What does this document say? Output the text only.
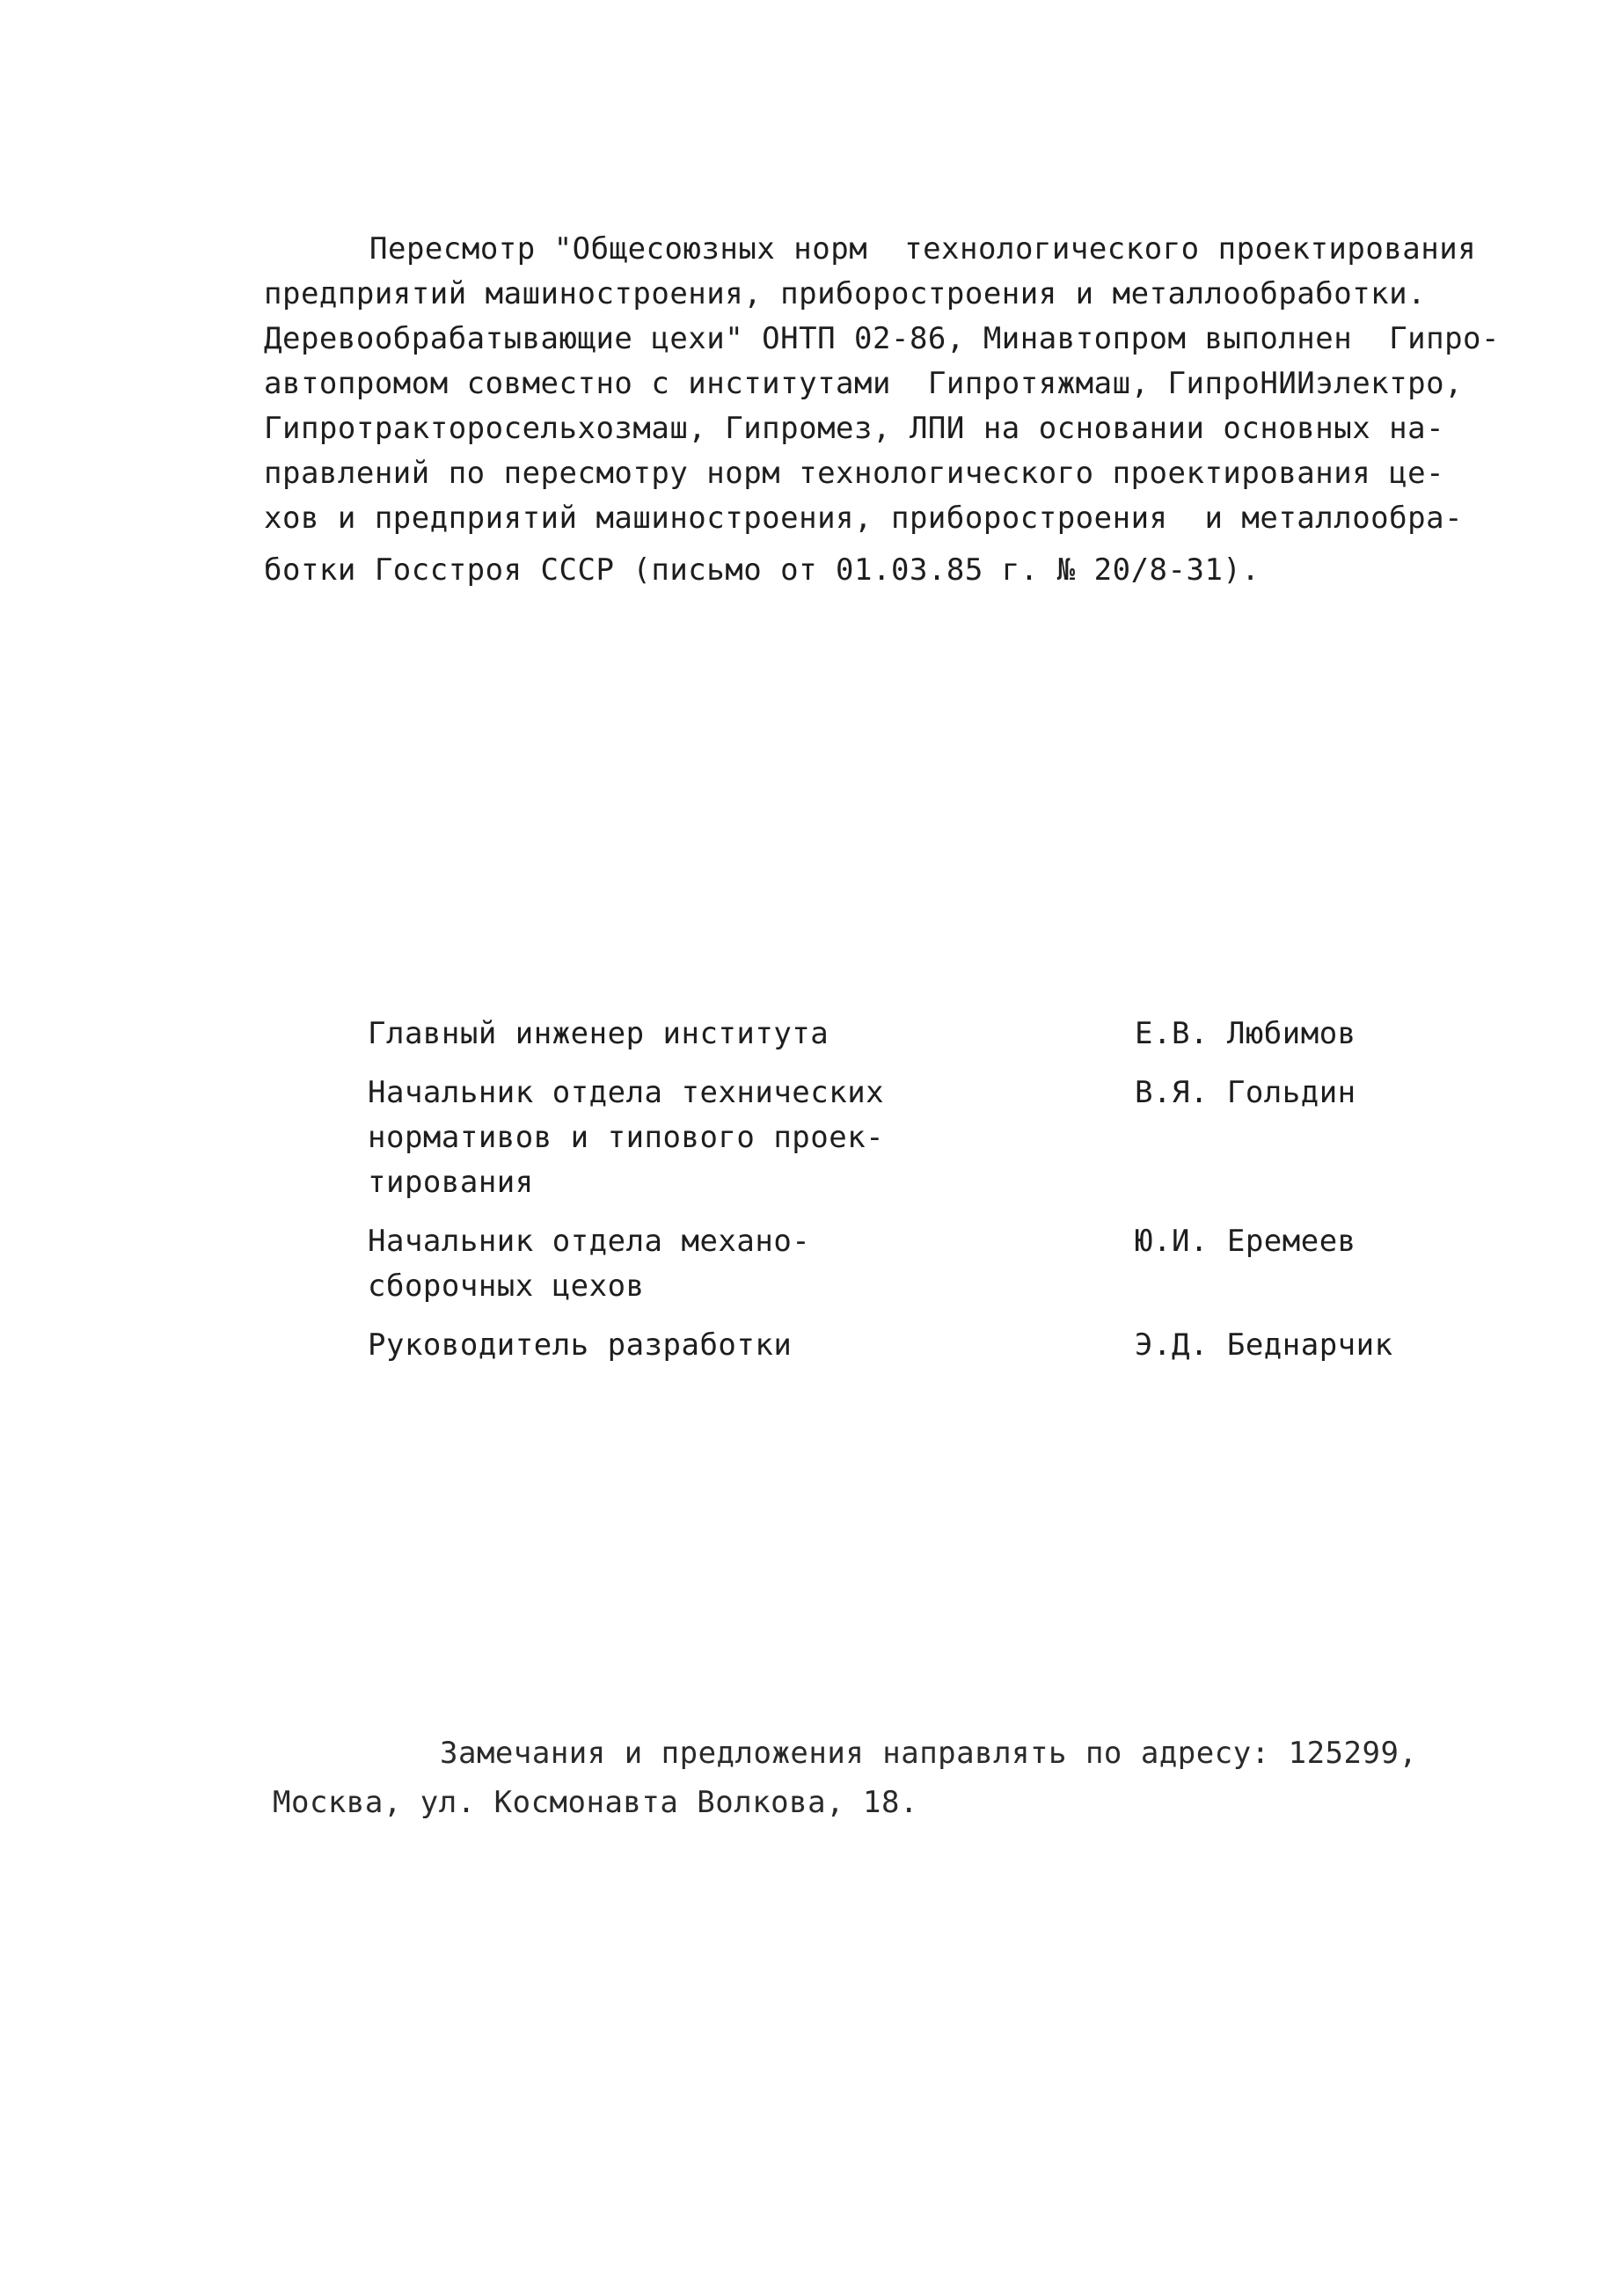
Пересмотр "Общесоюзных норм  технологического проектирования
предприятий машиностроения, приборостроения и металлообработки.
Деревообрабатывающие цехи" ОНТП 02-86, Минавтопром выполнен  Гипро-
автопромом совместно с институтами  Гипротяжмаш, ГипроНИИэлектро,
Гипротракторосельхозмаш, Гипромез, ЛПИ на основании основных на-
правлений по пересмотру норм технологического проектирования це-
хов и предприятий машиностроения, приборостроения  и металлообра-
ботки Госстроя СССР (письмо от 01.03.85 г. № 20/8-31).
Главный инженер института	Е.В. Любимов
Начальник отдела технических
нормативов и типового проек-
тирования
В.Я. Гольдин
Начальник отдела механо-
сборочных цехов
Ю.И. Еремеев
Руководитель разработки	Э.Д. Беднарчик
Замечания и предложения направлять по адресу: 125299,
Москва, ул. Космонавта Волкова, 18.
